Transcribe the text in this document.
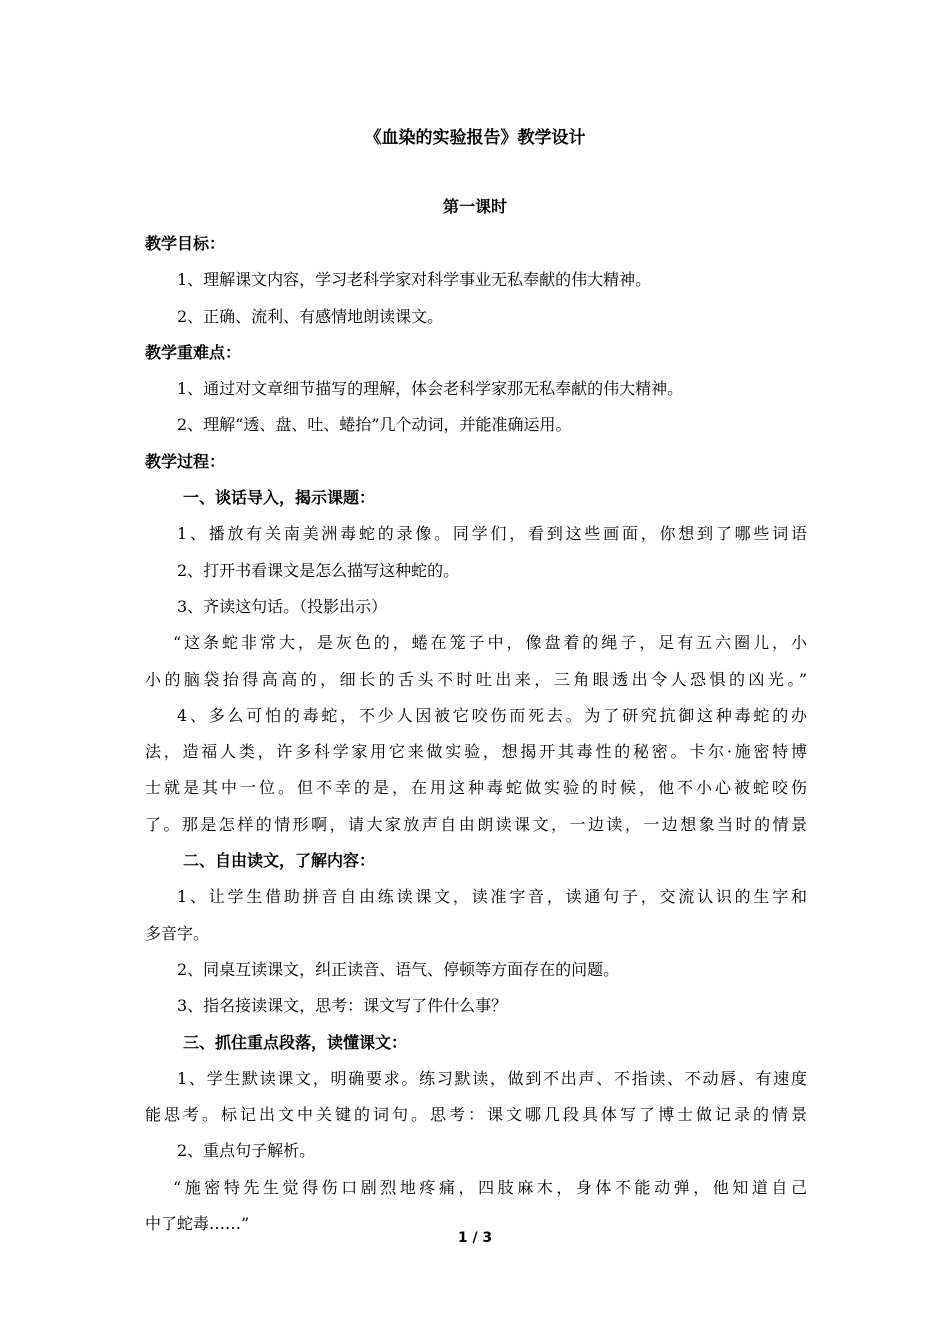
《血染的实验报告》教学设计
第一课时
教学目标：
1、理解课文内容，学习老科学家对科学事业无私奉献的伟大精神。
2、正确、流利、有感情地朗读课文。
教学重难点：
1、通过对文章细节描写的理解，体会老科学家那无私奉献的伟大精神。
2、理解“透、盘、吐、蜷抬”几个动词，并能准确运用。
教学过程：
一、谈话导入，揭示课题：
1、播放有关南美洲毒蛇的录像。同学们，看到这些画面，你想到了哪些词语
2、打开书看课文是怎么描写这种蛇的。
3、齐读这句话。（投影出示）
“这条蛇非常大，是灰色的，蜷在笼子中，像盘着的绳子，足有五六圈儿，小
小的脑袋抬得高高的，细长的舌头不时吐出来，三角眼透出令人恐惧的凶光。”
4、多么可怕的毒蛇，不少人因被它咬伤而死去。为了研究抗御这种毒蛇的办
法，造福人类，许多科学家用它来做实验，想揭开其毒性的秘密。卡尔·施密特博
士就是其中一位。但不幸的是，在用这种毒蛇做实验的时候，他不小心被蛇咬伤
了。那是怎样的情形啊，请大家放声自由朗读课文，一边读，一边想象当时的情景
二、自由读文，了解内容：
1、让学生借助拼音自由练读课文，读准字音，读通句子，交流认识的生字和
多音字。
2、同桌互读课文，纠正读音、语气、停顿等方面存在的问题。
3、指名接读课文，思考：课文写了件什么事？
三、抓住重点段落，读懂课文：
1、学生默读课文，明确要求。练习默读，做到不出声、不指读、不动唇、有速度
能思考。标记出文中关键的词句。思考：课文哪几段具体写了博士做记录的情景
2、重点句子解析。
“施密特先生觉得伤口剧烈地疼痛，四肢麻木，身体不能动弹，他知道自己
中了蛇毒……”
1 / 3
